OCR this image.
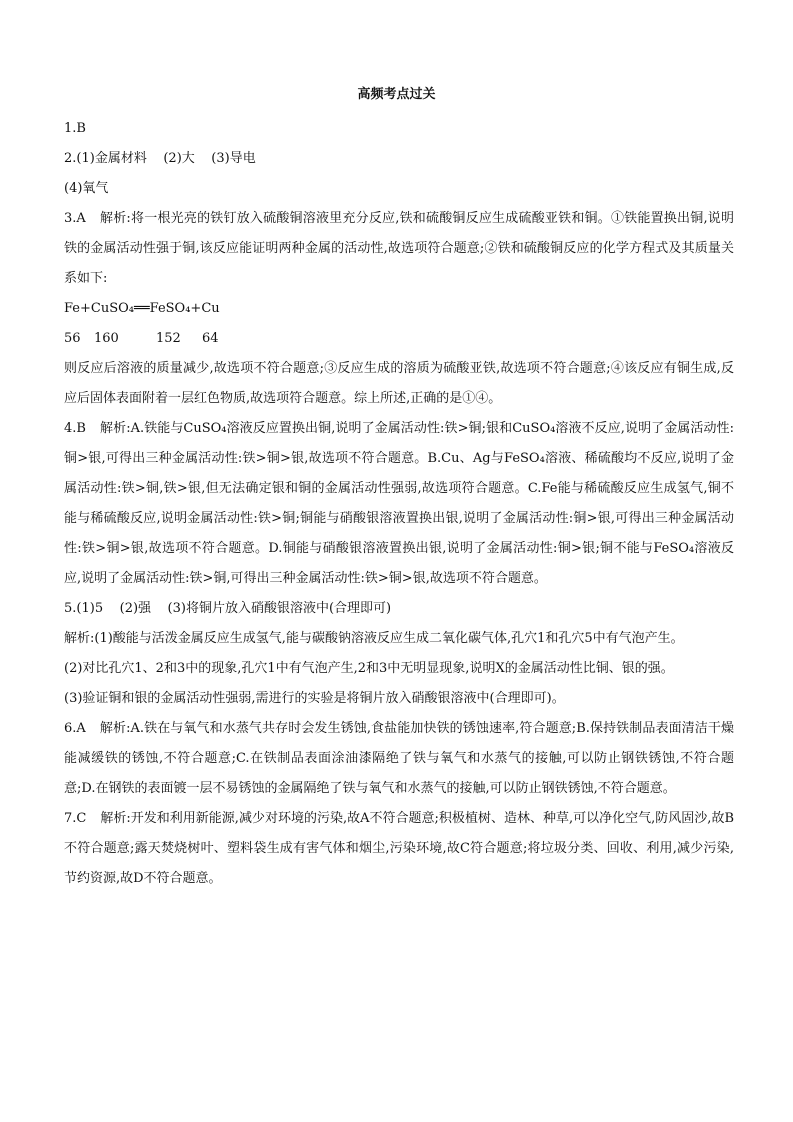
高频考点过关

1.B

2.(1)金属材料    (2)大    (3)导电

(4)氧气

3.A 解析:将一根光亮的铁钉放入硫酸铜溶液里充分反应,铁和硫酸铜反应生成硫酸亚铁和铜。①铁能置换出铜,说明铁的金属活动性强于铜,该反应能证明两种金属的活动性,故选项符合题意;②铁和硫酸铜反应的化学方程式及其质量关系如下:

Fe+CuSO₄══FeSO₄+Cu

56 160	152 64

则反应后溶液的质量减少,故选项不符合题意;③反应生成的溶质为硫酸亚铁,故选项不符合题意;④该反应有铜生成,反应后固体表面附着一层红色物质,故选项符合题意。综上所述,正确的是①④。

4.B 解析:A.铁能与CuSO₄溶液反应置换出铜,说明了金属活动性:铁>铜;银和CuSO₄溶液不反应,说明了金属活动性:铜>银,可得出三种金属活动性:铁>铜>银,故选项不符合题意。B.Cu、Ag与FeSO₄溶液、稀硫酸均不反应,说明了金属活动性:铁>铜,铁>银,但无法确定银和铜的金属活动性强弱,故选项符合题意。C.Fe能与稀硫酸反应生成氢气,铜不能与稀硫酸反应,说明金属活动性:铁>铜;铜能与硝酸银溶液置换出银,说明了金属活动性:铜>银,可得出三种金属活动性:铁>铜>银,故选项不符合题意。D.铜能与硝酸银溶液置换出银,说明了金属活动性:铜>银;铜不能与FeSO₄溶液反应,说明了金属活动性:铁>铜,可得出三种金属活动性:铁>铜>银,故选项不符合题意。

5.(1)5    (2)强    (3)将铜片放入硝酸银溶液中(合理即可)

解析:(1)酸能与活泼金属反应生成氢气,能与碳酸钠溶液反应生成二氧化碳气体,孔穴1和孔穴5中有气泡产生。

(2)对比孔穴1、2和3中的现象,孔穴1中有气泡产生,2和3中无明显现象,说明X的金属活动性比铜、银的强。

(3)验证铜和银的金属活动性强弱,需进行的实验是将铜片放入硝酸银溶液中(合理即可)。

6.A 解析:A.铁在与氧气和水蒸气共存时会发生锈蚀,食盐能加快铁的锈蚀速率,符合题意;B.保持铁制品表面清洁干燥能减缓铁的锈蚀,不符合题意;C.在铁制品表面涂油漆隔绝了铁与氧气和水蒸气的接触,可以防止钢铁锈蚀,不符合题意;D.在钢铁的表面镀一层不易锈蚀的金属隔绝了铁与氧气和水蒸气的接触,可以防止钢铁锈蚀,不符合题意。

7.C 解析:开发和利用新能源,减少对环境的污染,故A不符合题意;积极植树、造林、种草,可以净化空气,防风固沙,故B不符合题意;露天焚烧树叶、塑料袋生成有害气体和烟尘,污染环境,故C符合题意;将垃圾分类、回收、利用,减少污染,节约资源,故D不符合题意。
